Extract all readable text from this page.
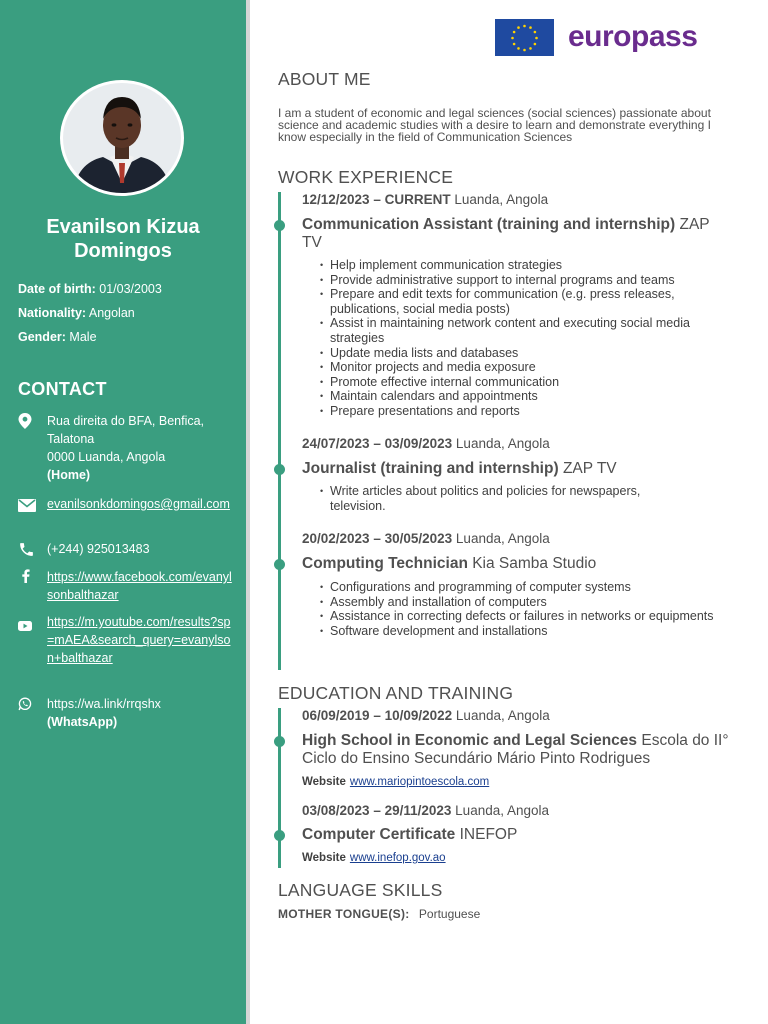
Evanilson Kizua
Domingos
Date of birth: 01/03/2003
Nationality: Angolan
Gender: Male
CONTACT
Rua direita do BFA, Benfica,
Talatona
0000 Luanda, Angola
(Home)
evanilsonkdomingos@gmail.com
(+244) 925013483
https://www.facebook.com/evanylsonbalthazar
https://m.youtube.com/results?sp=mAEA&search_query=evanylson+balthazar
https://wa.link/rrqshx
(WhatsApp)
europass
ABOUT ME
I am a student of economic and legal sciences (social sciences) passionate about science and academic studies with a desire to learn and demonstrate everything I know especially in the field of Communication Sciences
WORK EXPERIENCE
12/12/2023 – CURRENT Luanda, Angola
Communication Assistant (training and internship) ZAP TV
• Help implement communication strategies
• Provide administrative support to internal programs and teams
• Prepare and edit texts for communication (e.g. press releases, publications, social media posts)
• Assist in maintaining network content and executing social media strategies
• Update media lists and databases
• Monitor projects and media exposure
• Promote effective internal communication
• Maintain calendars and appointments
• Prepare presentations and reports
24/07/2023 – 03/09/2023 Luanda, Angola
Journalist (training and internship) ZAP TV
• Write articles about politics and policies for newspapers, television.
20/02/2023 – 30/05/2023 Luanda, Angola
Computing Technician Kia Samba Studio
• Configurations and programming of computer systems
• Assembly and installation of computers
• Assistance in correcting defects or failures in networks or equipments
• Software development and installations
EDUCATION AND TRAINING
06/09/2019 – 10/09/2022 Luanda, Angola
High School in Economic and Legal Sciences Escola do II° Ciclo do Ensino Secundário Mário Pinto Rodrigues
Website www.mariopintoescola.com
03/08/2023 – 29/11/2023 Luanda, Angola
Computer Certificate INEFOP
Website www.inefop.gov.ao
LANGUAGE SKILLS
MOTHER TONGUE(S): Portuguese
